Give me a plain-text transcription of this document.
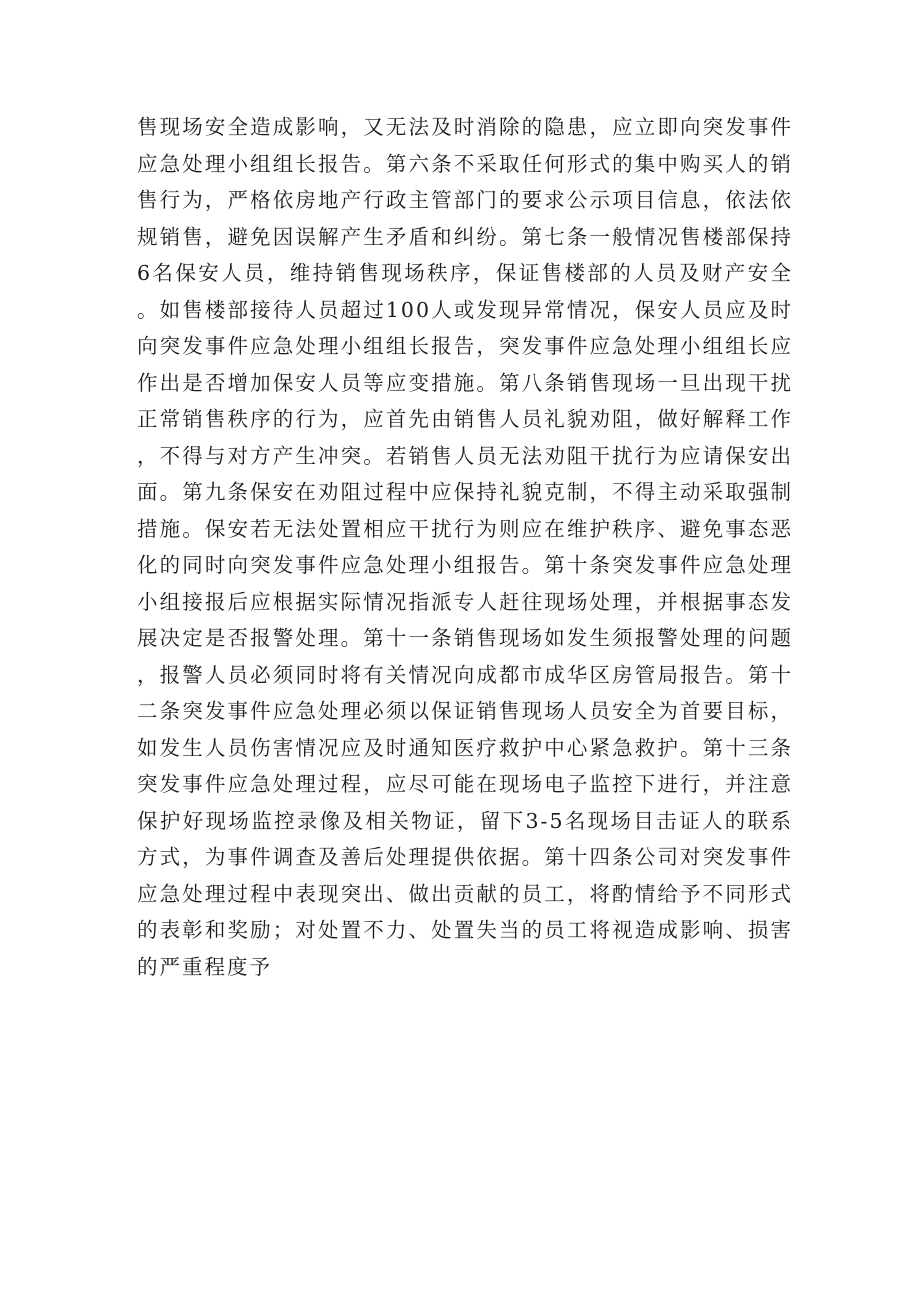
售现场安全造成影响，又无法及时消除的隐患，应立即向突发事件应急处理小组组长报告。第六条不采取任何形式的集中购买人的销售行为，严格依房地产行政主管部门的要求公示项目信息，依法依规销售，避免因误解产生矛盾和纠纷。第七条一般情况售楼部保持6名保安人员，维持销售现场秩序，保证售楼部的人员及财产安全。如售楼部接待人员超过100人或发现异常情况，保安人员应及时向突发事件应急处理小组组长报告，突发事件应急处理小组组长应作出是否增加保安人员等应变措施。第八条销售现场一旦出现干扰正常销售秩序的行为，应首先由销售人员礼貌劝阻，做好解释工作，不得与对方产生冲突。若销售人员无法劝阻干扰行为应请保安出面。第九条保安在劝阻过程中应保持礼貌克制，不得主动采取强制措施。保安若无法处置相应干扰行为则应在维护秩序、避免事态恶化的同时向突发事件应急处理小组报告。第十条突发事件应急处理小组接报后应根据实际情况指派专人赶往现场处理，并根据事态发展决定是否报警处理。第十一条销售现场如发生须报警处理的问题，报警人员必须同时将有关情况向成都市成华区房管局报告。第十二条突发事件应急处理必须以保证销售现场人员安全为首要目标，如发生人员伤害情况应及时通知医疗救护中心紧急救护。第十三条突发事件应急处理过程，应尽可能在现场电子监控下进行，并注意保护好现场监控录像及相关物证，留下3-5名现场目击证人的联系方式，为事件调查及善后处理提供依据。第十四条公司对突发事件应急处理过程中表现突出、做出贡献的员工，将酌情给予不同形式的表彰和奖励；对处置不力、处置失当的员工将视造成影响、损害的严重程度予
